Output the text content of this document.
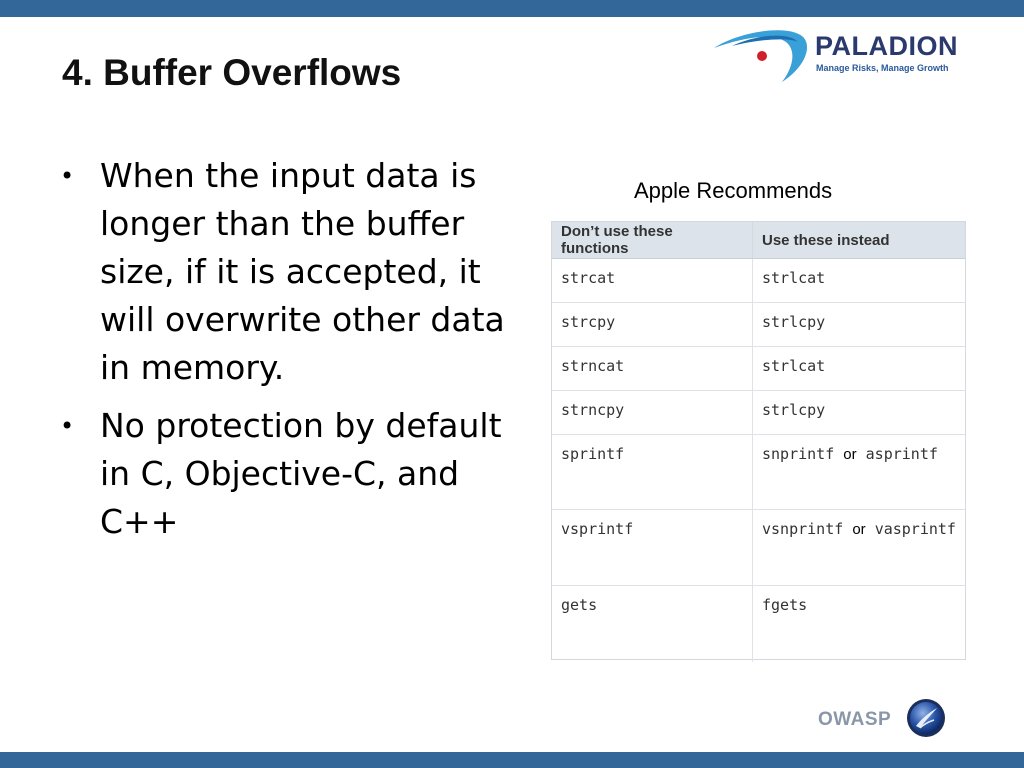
4. Buffer Overflows
PALADION
Manage Risks, Manage Growth
• When the input data is longer than the buffer size, if it is accepted, it will overwrite other data in memory.
• No protection by default in C, Objective-C, and C++
Apple Recommends
Don’t use these functions	Use these instead
strcat	strlcat
strcpy	strlcpy
strncat	strlcat
strncpy	strlcpy
sprintf	snprintf or asprintf
vsprintf	vsnprintf or vasprintf
gets	fgets
OWASP
